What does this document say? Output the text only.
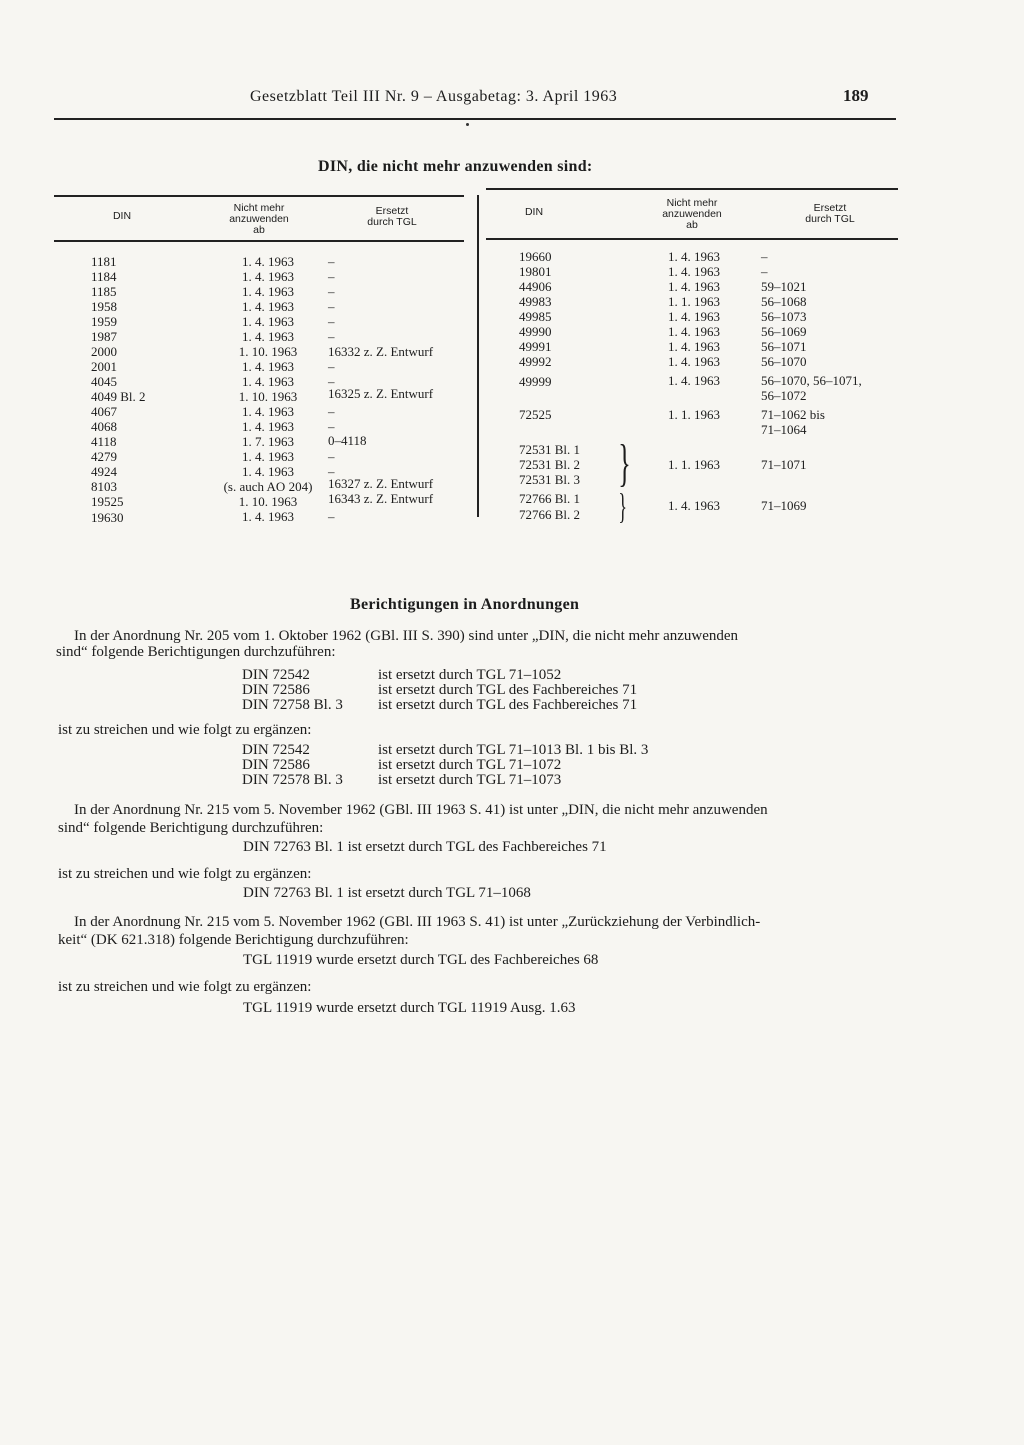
Gesetzblatt Teil III Nr. 9 – Ausgabetag: 3. April 1963	189
DIN, die nicht mehr anzuwenden sind:
DIN
Nicht mehr
anzuwenden
ab
Ersetzt
durch TGL
DIN
Nicht mehr
anzuwenden
ab
Ersetzt
durch TGL
1181	1. 4. 1963	–
1184	1. 4. 1963	–
1185	1. 4. 1963	–
1958	1. 4. 1963	–
1959	1. 4. 1963	–
1987	1. 4. 1963	–
2000	1. 10. 1963	16332 z. Z. Entwurf
2001	1. 4. 1963	–
4045	1. 4. 1963	–
4049 Bl. 2	1. 10. 1963	16325 z. Z. Entwurf
4067	1. 4. 1963	–
4068	1. 4. 1963	–
4118	1. 7. 1963	0–4118
4279	1. 4. 1963	–
4924	1. 4. 1963	–
8103	(s. auch AO 204)	16327 z. Z. Entwurf
19525	1. 10. 1963	16343 z. Z. Entwurf
19630	1. 4. 1963	–
19660	1. 4. 1963	–
19801	1. 4. 1963	–
44906	1. 4. 1963	59–1021
49983	1. 1. 1963	56–1068
49985	1. 4. 1963	56–1073
49990	1. 4. 1963	56–1069
49991	1. 4. 1963	56–1071
49992	1. 4. 1963	56–1070
49999	1. 4. 1963	56–1070, 56–1071,
56–1072
72525	1. 1. 1963	71–1062 bis
71–1064
72531 Bl. 1
72531 Bl. 2
72531 Bl. 3 }	1. 1. 1963	71–1071
72766 Bl. 1
72766 Bl. 2 }	1. 4. 1963	71–1069
Berichtigungen in Anordnungen
In der Anordnung Nr. 205 vom 1. Oktober 1962 (GBl. III S. 390) sind unter „DIN, die nicht mehr anzuwenden
sind“ folgende Berichtigungen durchzuführen:
DIN 72542	ist ersetzt durch TGL 71–1052
DIN 72586	ist ersetzt durch TGL des Fachbereiches 71
DIN 72758 Bl. 3 ist ersetzt durch TGL des Fachbereiches 71
ist zu streichen und wie folgt zu ergänzen:
DIN 72542	ist ersetzt durch TGL 71–1013 Bl. 1 bis Bl. 3
DIN 72586	ist ersetzt durch TGL 71–1072
DIN 72578 Bl. 3 ist ersetzt durch TGL 71–1073
In der Anordnung Nr. 215 vom 5. November 1962 (GBl. III 1963 S. 41) ist unter „DIN, die nicht mehr anzuwenden
sind“ folgende Berichtigung durchzuführen:
DIN 72763 Bl. 1 ist ersetzt durch TGL des Fachbereiches 71
ist zu streichen und wie folgt zu ergänzen:
DIN 72763 Bl. 1 ist ersetzt durch TGL 71–1068
In der Anordnung Nr. 215 vom 5. November 1962 (GBl. III 1963 S. 41) ist unter „Zurückziehung der Verbindlich-
keit“ (DK 621.318) folgende Berichtigung durchzuführen:
TGL 11919 wurde ersetzt durch TGL des Fachbereiches 68
ist zu streichen und wie folgt zu ergänzen:
TGL 11919 wurde ersetzt durch TGL 11919 Ausg. 1.63
